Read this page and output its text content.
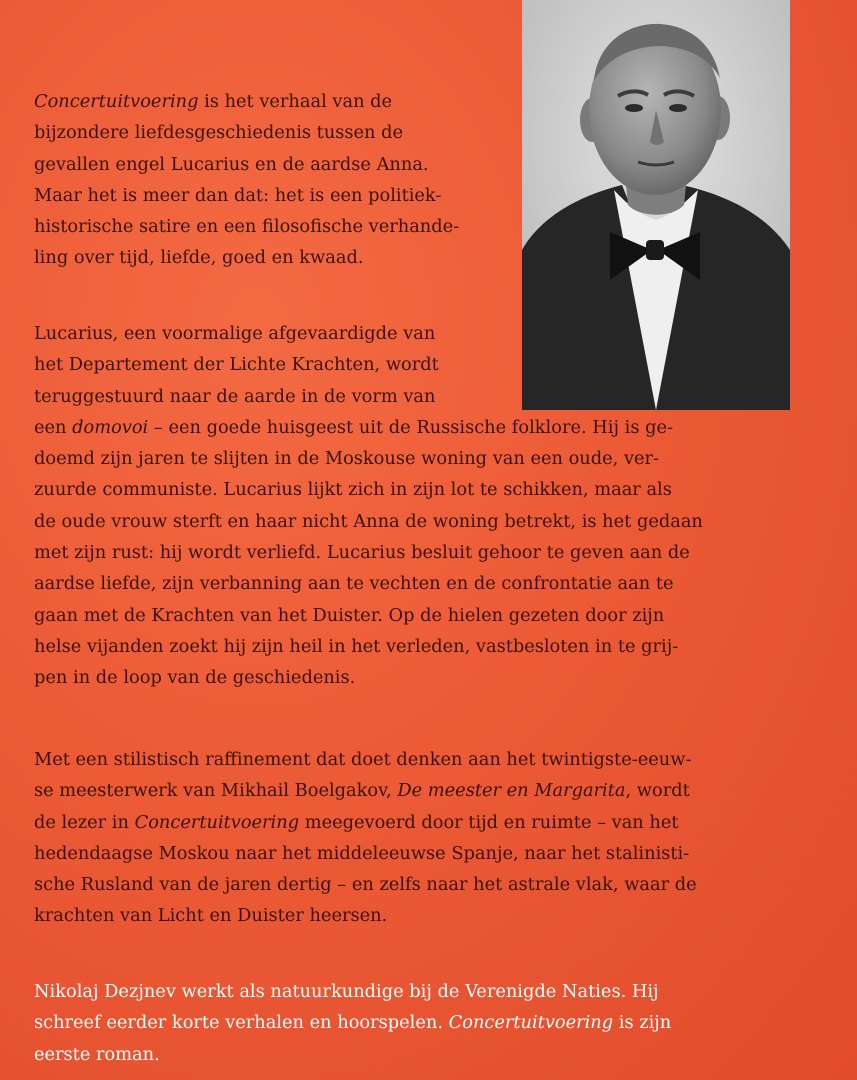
Concertuitvoering is het verhaal van de
bijzondere liefdesgeschiedenis tussen de
gevallen engel Lucarius en de aardse Anna.
Maar het is meer dan dat: het is een politiek-
historische satire en een filosofische verhande-
ling over tijd, liefde, goed en kwaad.
Lucarius, een voormalige afgevaardigde van
het Departement der Lichte Krachten, wordt
teruggestuurd naar de aarde in de vorm van
een domovoi – een goede huisgeest uit de Russische folklore. Hij is ge-
doemd zijn jaren te slijten in de Moskouse woning van een oude, ver-
zuurde communiste. Lucarius lijkt zich in zijn lot te schikken, maar als
de oude vrouw sterft en haar nicht Anna de woning betrekt, is het gedaan
met zijn rust: hij wordt verliefd. Lucarius besluit gehoor te geven aan de
aardse liefde, zijn verbanning aan te vechten en de confrontatie aan te
gaan met de Krachten van het Duister. Op de hielen gezeten door zijn
helse vijanden zoekt hij zijn heil in het verleden, vastbesloten in te grij-
pen in de loop van de geschiedenis.
Met een stilistisch raffinement dat doet denken aan het twintigste-eeuw-
se meesterwerk van Mikhail Boelgakov, De meester en Margarita, wordt
de lezer in Concertuitvoering meegevoerd door tijd en ruimte – van het
hedendaagse Moskou naar het middeleeuwse Spanje, naar het stalinisti-
sche Rusland van de jaren dertig – en zelfs naar het astrale vlak, waar de
krachten van Licht en Duister heersen.
Nikolaj Dezjnev werkt als natuurkundige bij de Verenigde Naties. Hij
schreef eerder korte verhalen en hoorspelen. Concertuitvoering is zijn
eerste roman.
